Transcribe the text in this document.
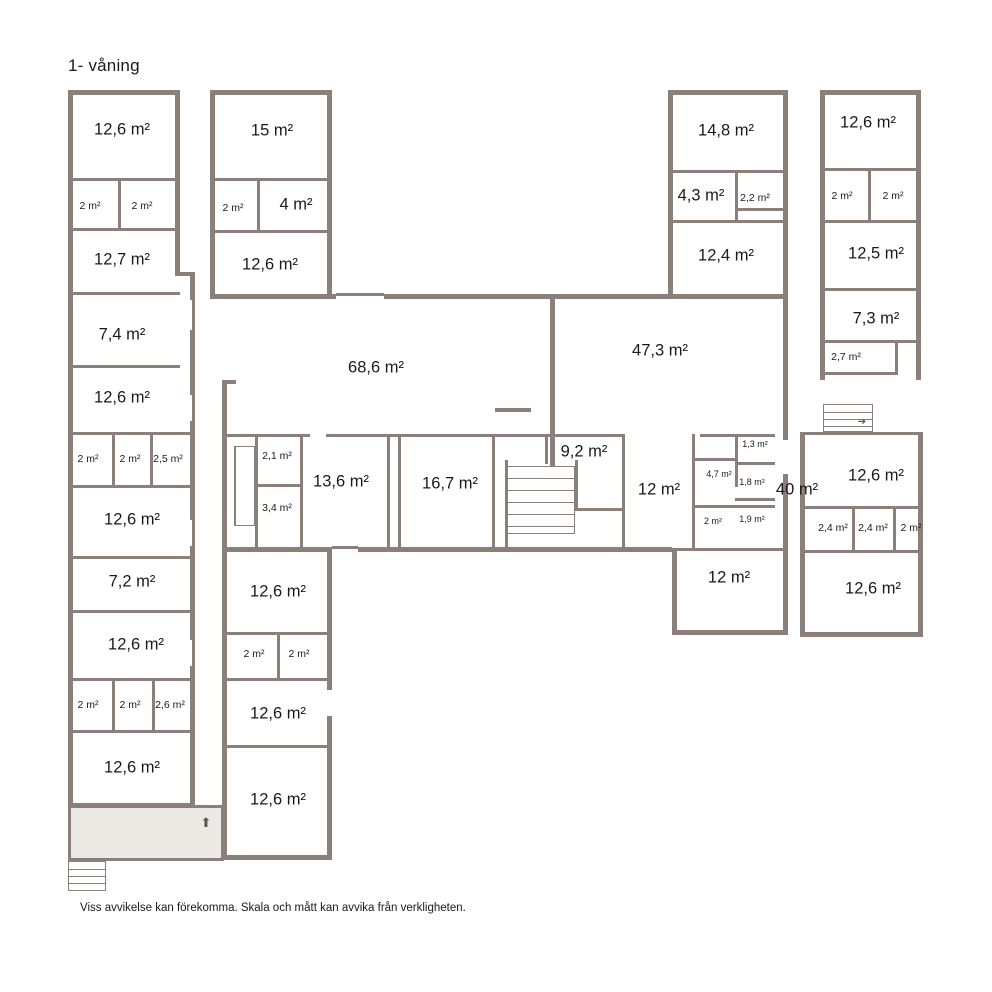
1- våning
⬆
➔
12,6 m²
2 m²	2 m²
12,7 m²
7,4 m²
12,6 m²
2 m² 2 m² 2,5 m²
12,6 m²
7,2 m²
12,6 m²
2 m² 2 m² 2,6 m²
12,6 m²
15 m²
2 m² 4 m²
12,6 m²
68,6 m²
2,1 m²
3,4 m²
13,6 m²	16,7 m²
9,2 m²
12 m²
4,7 m²
2 m²
1,3 m²
1,8 m²
1,9 m²
40 m²
12,6 m²
2 m² 2 m²
12,6 m²
12,6 m²
14,8 m²
4,3 m² 2,2 m²
12,4 m²
47,3 m²
12 m²
12,6 m²
2 m²	2 m²
12,5 m²
7,3 m²
2,7 m²
12,6 m²
2,4 m² 2,4 m² 2 m²
12,6 m²
Viss avvikelse kan förekomma. Skala och mått kan avvika från verkligheten.
